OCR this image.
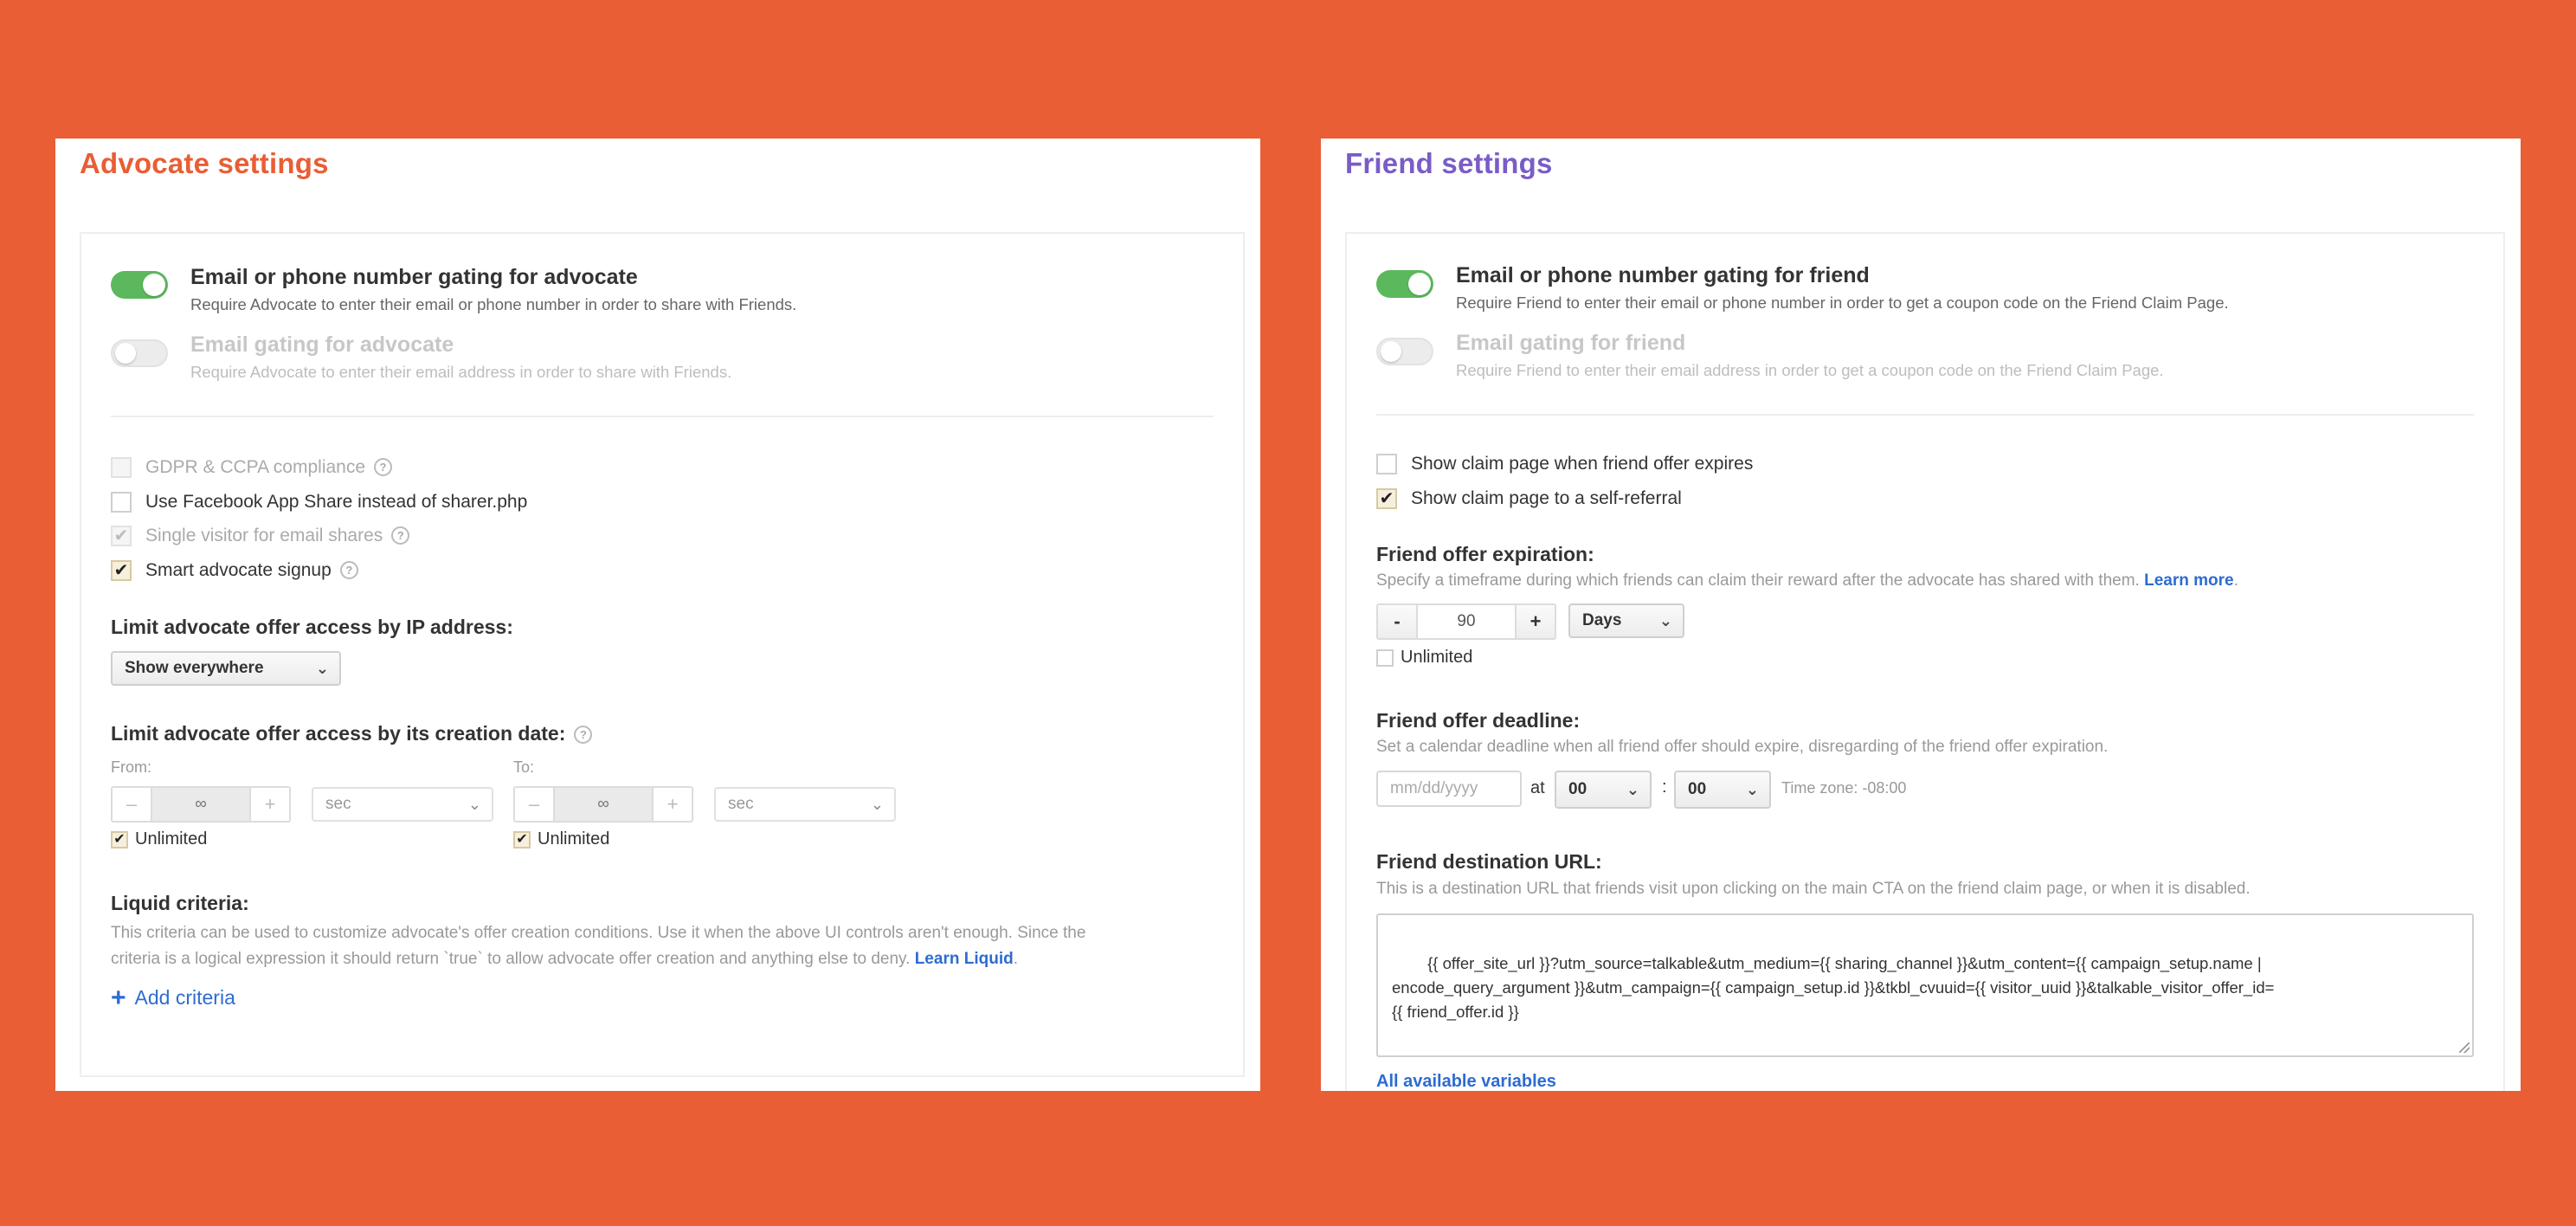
Advocate settings
Email or phone number gating for advocate
Require Advocate to enter their email or phone number in order to share with Friends.
Email gating for advocate
Require Advocate to enter their email address in order to share with Friends.
GDPR & CCPA compliance ?
Use Facebook App Share instead of sharer.php
✔ Single visitor for email shares ?
✔ Smart advocate signup ?
Limit advocate offer access by IP address:
Show everywhere	⌄
Limit advocate offer access by its creation date: ?
From:
–	∞	+	sec	⌄
✔ Unlimited
To:
–	∞	+	sec	⌄
✔ Unlimited
Liquid criteria:
This criteria can be used to customize advocate's offer creation conditions. Use it when the above UI controls aren't enough. Since the
criteria is a logical expression it should return `true` to allow advocate offer creation and anything else to deny. Learn Liquid.
+ Add criteria
Friend settings
Email or phone number gating for friend
Require Friend to enter their email or phone number in order to get a coupon code on the Friend Claim Page.
Email gating for friend
Require Friend to enter their email address in order to get a coupon code on the Friend Claim Page.
Show claim page when friend offer expires
✔ Show claim page to a self-referral
Friend offer expiration:
Specify a timeframe during which friends can claim their reward after the advocate has shared with them. Learn more.
-	90	+	Days ⌄
Unlimited
Friend offer deadline:
Set a calendar deadline when all friend offer should expire, disregarding of the friend offer expiration.
mm/dd/yyyy	at	00	⌄ :	00	⌄ Time zone: -08:00
Friend destination URL:
This is a destination URL that friends visit upon clicking on the main CTA on the friend claim page, or when it is disabled.

{{ offer_site_url }}?utm_source=talkable&utm_medium={{ sharing_channel }}&utm_content={{ campaign_setup.name |
encode_query_argument }}&utm_campaign={{ campaign_setup.id }}&tkbl_cvuuid={{ visitor_uuid }}&talkable_visitor_offer_id=
{{ friend_offer.id }}

All available variables
